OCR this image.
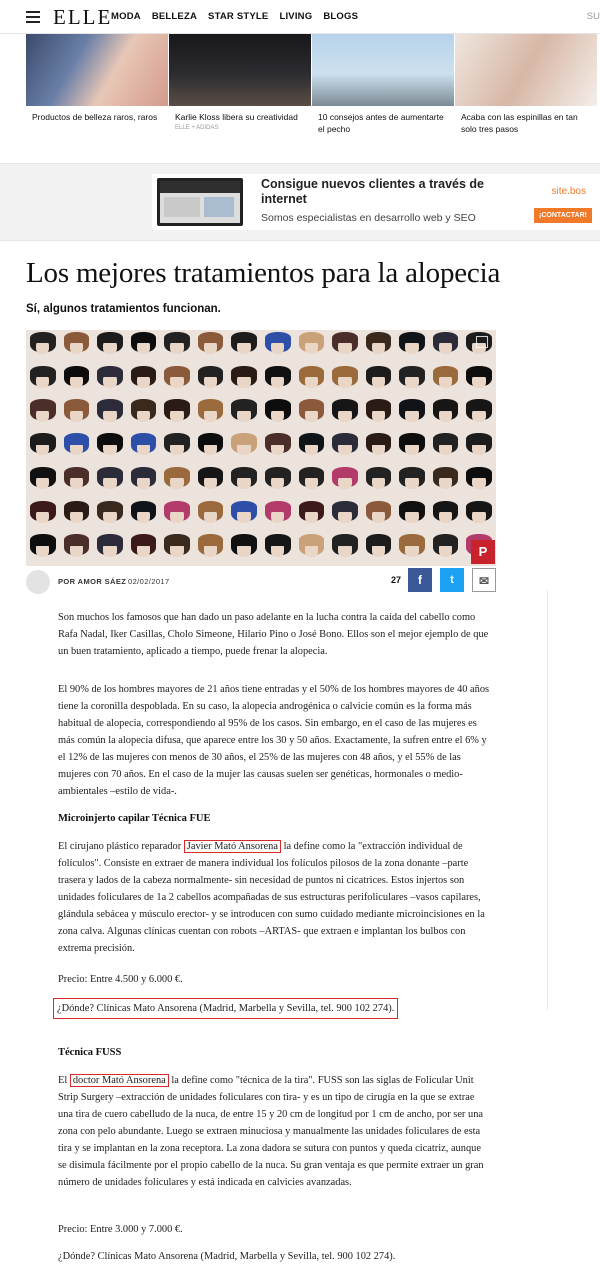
ELLE
MODA BELLEZA STAR STYLE LIVING BLOGS	SU
Productos de belleza raros, raros	Karlie Kloss libera su creatividad
ELLE + ADIDAS
10 consejos antes de aumentarte el pecho
Acaba con las espinillas en tan solo tres pasos
Consigue nuevos clientes a través de internet
Somos especialistas en desarrollo web y SEO
site.bos
¡CONTACTAR!
Los mejores tratamientos para la alopecia
Sí, algunos tratamientos funcionan.
P
POR AMOR SÁEZ 02/02/2017	27	f	t	✉

Son muchos los famosos que han dado un paso adelante en la lucha contra la caída del cabello como Rafa Nadal, Iker Casillas, Cholo Simeone, Hilario Pino o José Bono. Ellos son el mejor ejemplo de que un buen tratamiento, aplicado a tiempo, puede frenar la alopecia.

El 90% de los hombres mayores de 21 años tiene entradas y el 50% de los hombres mayores de 40 años tiene la coronilla despoblada. En su caso, la alopecia androgénica o calvicie común es la forma más habitual de alopecia, correspondiendo al 95% de los casos. Sin embargo, en el caso de las mujeres es más común la alopecia difusa, que aparece entre los 30 y 50 años. Exactamente, la sufren entre el 6% y el 12% de las mujeres con menos de 30 años, el 25% de las mujeres con 48 años, y el 55% de las mujeres con 70 años. En el caso de la mujer las causas suelen ser genéticas, hormonales o medio-ambientales –estilo de vida-.

Microinjerto capilar Técnica FUE

El cirujano plástico reparador Javier Mató Ansorena la define como la "extracción individual de folículos". Consiste en extraer de manera individual los folículos pilosos de la zona donante –parte trasera y lados de la cabeza normalmente- sin necesidad de puntos ni cicatrices. Estos injertos son unidades foliculares de 1a 2 cabellos acompañadas de sus estructuras perifoliculares –vasos capilares, glándula sebácea y músculo erector- y se introducen con sumo cuidado mediante microincisiones en la zona calva. Algunas clínicas cuentan con robots –ARTAS- que extraen e implantan los bulbos con extrema precisión.

Precio: Entre 4.500 y 6.000 €.

¿Dónde? Clínicas Mato Ansorena (Madrid, Marbella y Sevilla, tel. 900 102 274).

Técnica FUSS

El doctor Mató Ansorena la define como "técnica de la tira". FUSS son las siglas de Folicular Unit Strip Surgery –extracción de unidades foliculares con tira- y es un tipo de cirugía en la que se extrae una tira de cuero cabelludo de la nuca, de entre 15 y 20 cm de longitud por 1 cm de ancho, por ser una zona con pelo abundante. Luego se extraen minuciosa y manualmente las unidades foliculares de esta tira y se implantan en la zona receptora. La zona dadora se sutura con puntos y queda cicatriz, aunque se disimula fácilmente por el propio cabello de la nuca. Su gran ventaja es que permite extraer un gran número de unidades foliculares y está indicada en calvicies avanzadas.

Precio: Entre 3.000 y 7.000 €.

¿Dónde? Clínicas Mato Ansorena (Madrid, Marbella y Sevilla, tel. 900 102 274).
